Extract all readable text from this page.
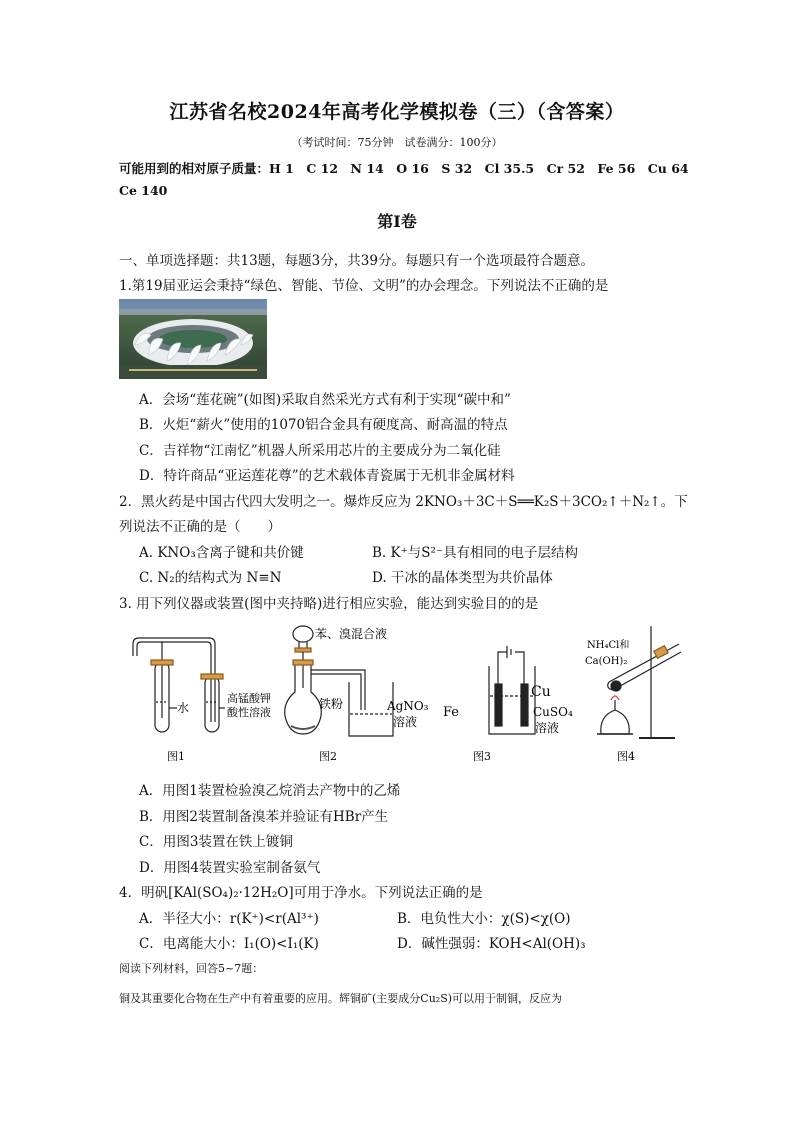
江苏省名校2024年高考化学模拟卷（三）（含答案）
（考试时间：75分钟　试卷满分：100分）
可能用到的相对原子质量：H 1　C 12　N 14　O 16　S 32　Cl 35.5　Cr 52　Fe 56　Cu 64
Ce 140
第Ⅰ卷
一、单项选择题：共13题，每题3分，共39分。每题只有一个选项最符合题意。
1.第19届亚运会秉持“绿色、智能、节俭、文明”的办会理念。下列说法不正确的是
A．会场“莲花碗”(如图)采取自然采光方式有利于实现“碳中和”
B．火炬“薪火”使用的1070铝合金具有硬度高、耐高温的特点
C．吉祥物“江南忆”机器人所采用芯片的主要成分为二氧化硅
D．特许商品“亚运莲花尊”的艺术载体青瓷属于无机非金属材料
2．黑火药是中国古代四大发明之一。爆炸反应为 2KNO₃＋3C＋S══K₂S＋3CO₂↑＋N₂↑。下
列说法不正确的是（　　）
A. KNO₃含离子键和共价键	B. K⁺与S²⁻具有相同的电子层结构
C. N₂的结构式为 N≡N	D. 干冰的晶体类型为共价晶体
3. 用下列仪器或装置(图中夹持略)进行相应实验，能达到实验目的的是
水
高锰酸钾
酸性溶液
图1
苯、溴混合液
铁粉	AgNO₃
溶液
图2
Fe
Cu
CuSO₄
溶液
图3
NH₄Cl和
Ca(OH)₂
图4
A．用图1装置检验溴乙烷消去产物中的乙烯
B．用图2装置制备溴苯并验证有HBr产生
C．用图3装置在铁上镀铜
D．用图4装置实验室制备氨气
4．明矾[KAl(SO₄)₂·12H₂O]可用于净水。下列说法正确的是
A．半径大小：r(K⁺)<r(Al³⁺)	B．电负性大小：χ(S)<χ(O)
C．电离能大小：I₁(O)<I₁(K)	D．碱性强弱：KOH<Al(OH)₃
阅读下列材料，回答5~7题：
铜及其重要化合物在生产中有着重要的应用。辉铜矿(主要成分Cu₂S)可以用于制铜，反应为
